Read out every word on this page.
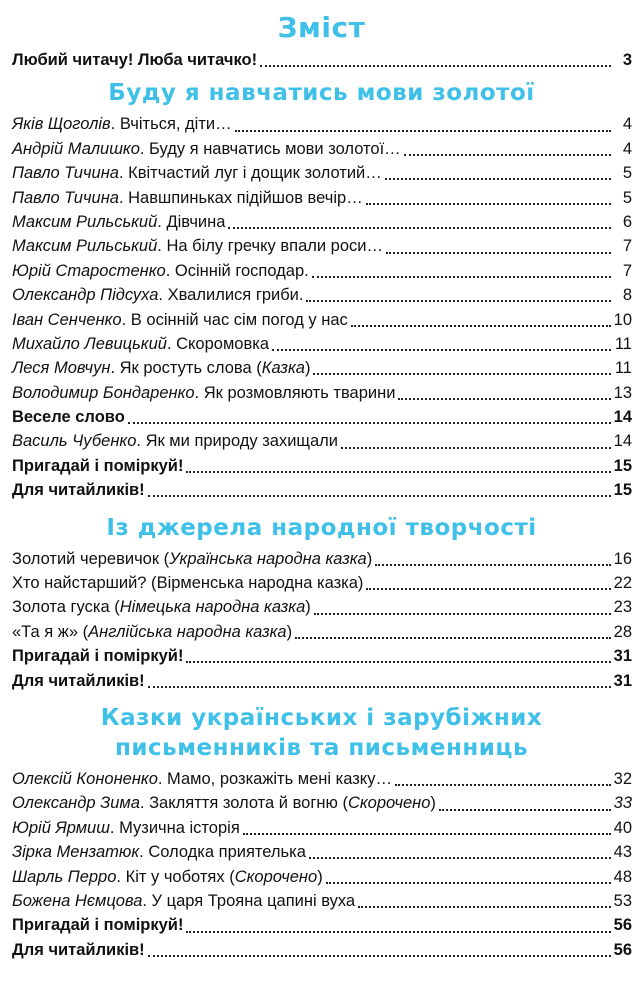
Зміст
Любий читачу! Люба читачко!	3
Буду я навчатись мови золотої
Яків Щоголів. Вчіться, діти…	4
Андрій Малишко. Буду я навчатись мови золотої…	4
Павло Тичина. Квітчастий луг і дощик золотий…	5
Павло Тичина. Навшпиньках підійшов вечір…	5
Максим Рильський. Дівчина	6
Максим Рильський. На білу гречку впали роси…	7
Юрій Старостенко. Осінній господар.	7
Олександр Підсуха. Хвалилися гриби.	8
Іван Сенченко. В осінній час сім погод у нас	10
Михайло Левицький. Скоромовка	11
Леся Мовчун. Як ростуть слова (Казка)	11
Володимир Бондаренко. Як розмовляють тварини	13
Веселе слово	14
Василь Чубенко. Як ми природу захищали	14
Пригадай і поміркуй!	15
Для читайликів!	15
Із джерела народної творчості
Золотий черевичок (Українська народна казка)	16
Хто найстарший? (Вірменська народна казка)	22
Золота гуска (Німецька народна казка)	23
«Та я ж» (Англійська народна казка)	28
Пригадай і поміркуй!	31
Для читайликів!	31
Казки українських і зарубіжних
письменників та письменниць
Олексій Кононенко. Мамо, розкажіть мені казку…	32
Олександр Зима. Закляття золота й вогню (Скорочено)	33
Юрій Ярмиш. Музична історія	40
Зірка Мензатюк. Солодка приятелька	43
Шарль Перро. Кіт у чоботях (Скорочено)	48
Божена Нємцова. У царя Трояна цапині вуха	53
Пригадай і поміркуй!	56
Для читайликів!	56
